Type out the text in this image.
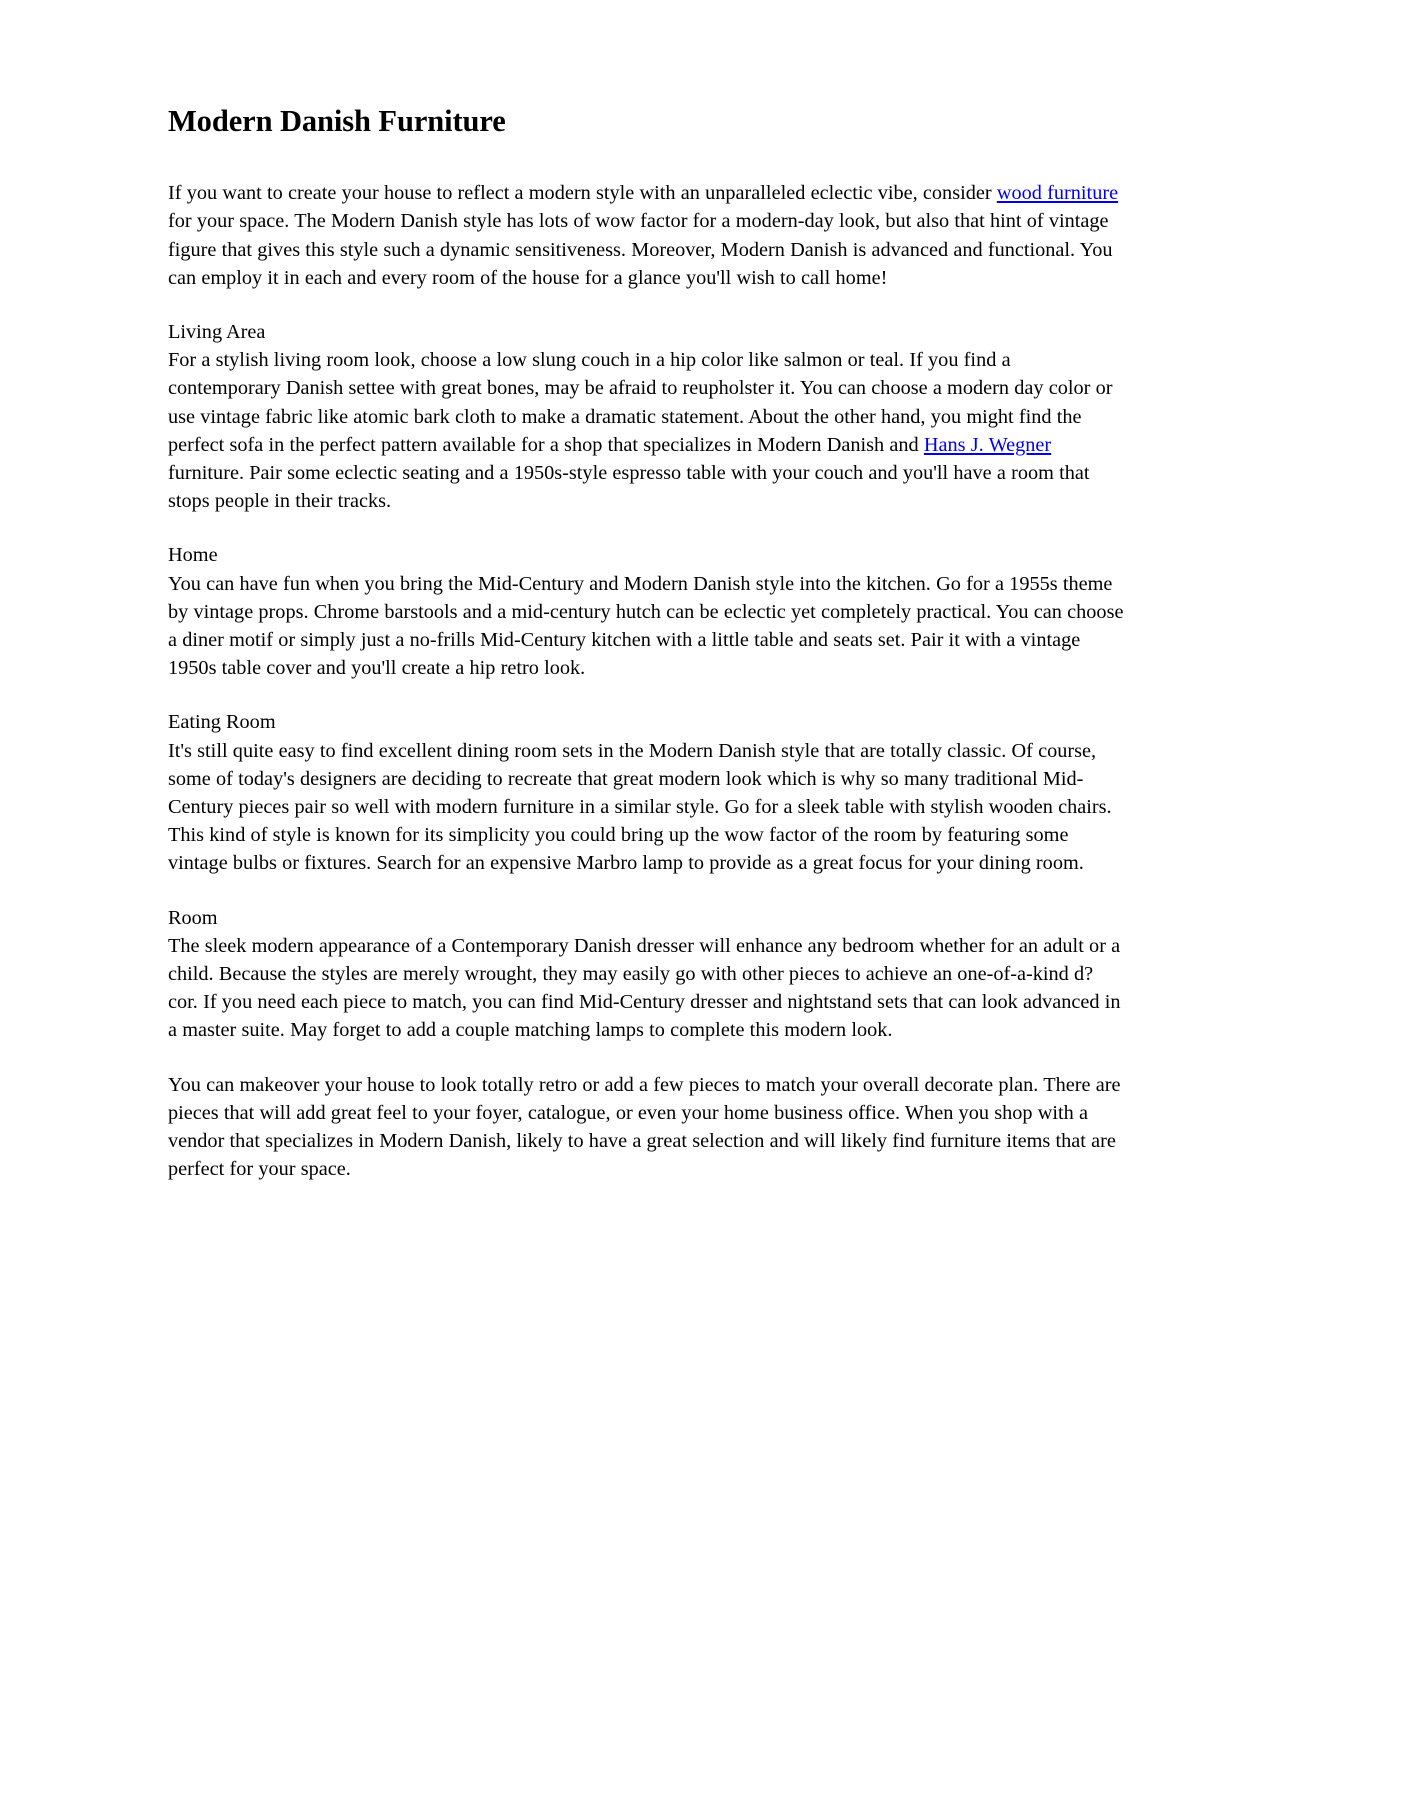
Modern Danish Furniture

If you want to create your house to reflect a modern style with an unparalleled eclectic vibe, consider wood furniture for your space. The Modern Danish style has lots of wow factor for a modern-day look, but also that hint of vintage figure that gives this style such a dynamic sensitiveness. Moreover, Modern Danish is advanced and functional. You can employ it in each and every room of the house for a glance you'll wish to call home!

Living Area

For a stylish living room look, choose a low slung couch in a hip color like salmon or teal. If you find a contemporary Danish settee with great bones, may be afraid to reupholster it. You can choose a modern day color or use vintage fabric like atomic bark cloth to make a dramatic statement. About the other hand, you might find the perfect sofa in the perfect pattern available for a shop that specializes in Modern Danish and Hans J. Wegner furniture. Pair some eclectic seating and a 1950s-style espresso table with your couch and you'll have a room that stops people in their tracks.

Home

You can have fun when you bring the Mid-Century and Modern Danish style into the kitchen. Go for a 1955s theme by vintage props. Chrome barstools and a mid-century hutch can be eclectic yet completely practical. You can choose a diner motif or simply just a no-frills Mid-Century kitchen with a little table and seats set. Pair it with a vintage 1950s table cover and you'll create a hip retro look.

Eating Room

It's still quite easy to find excellent dining room sets in the Modern Danish style that are totally classic. Of course, some of today's designers are deciding to recreate that great modern look which is why so many traditional Mid-Century pieces pair so well with modern furniture in a similar style. Go for a sleek table with stylish wooden chairs. This kind of style is known for its simplicity you could bring up the wow factor of the room by featuring some vintage bulbs or fixtures. Search for an expensive Marbro lamp to provide as a great focus for your dining room.

Room

The sleek modern appearance of a Contemporary Danish dresser will enhance any bedroom whether for an adult or a child. Because the styles are merely wrought, they may easily go with other pieces to achieve an one-of-a-kind d? cor. If you need each piece to match, you can find Mid-Century dresser and nightstand sets that can look advanced in a master suite. May forget to add a couple matching lamps to complete this modern look.

You can makeover your house to look totally retro or add a few pieces to match your overall decorate plan. There are pieces that will add great feel to your foyer, catalogue, or even your home business office. When you shop with a vendor that specializes in Modern Danish, likely to have a great selection and will likely find furniture items that are perfect for your space.
